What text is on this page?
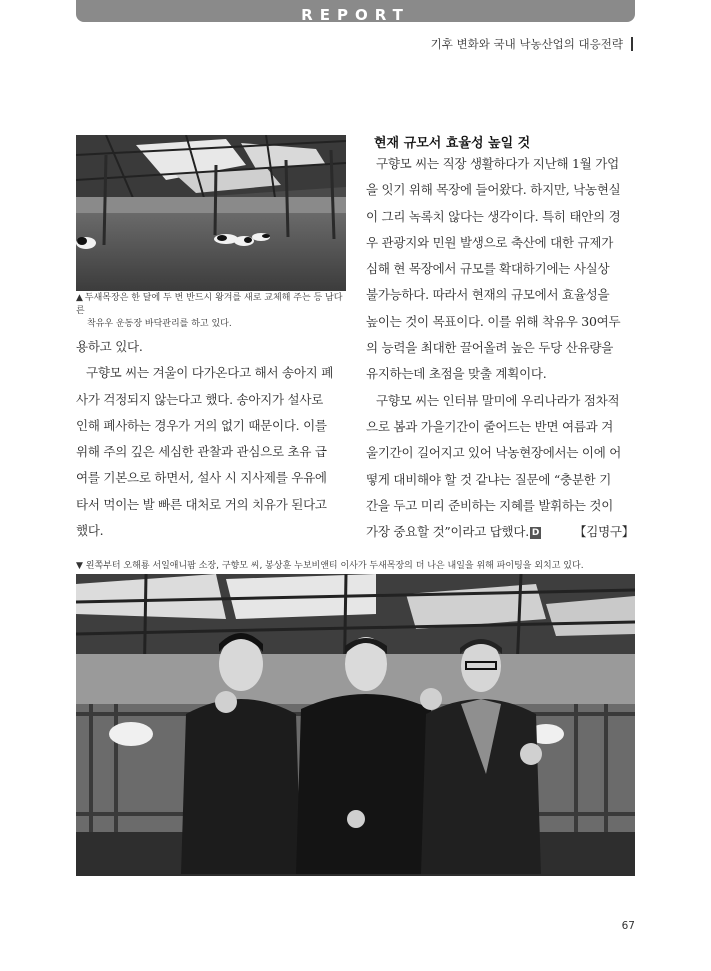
REPORT
기후 변화와 국내 낙농산업의 대응전략
▲ 두새목장은 한 달에 두 번 반드시 왕겨를 새로 교체해 주는 등 남다른
착유우 운동장 바닥관리를 하고 있다.
용하고 있다.
구향모 씨는 겨울이 다가온다고 해서 송아지 폐
사가 걱정되지 않는다고 했다. 송아지가 설사로
인해 폐사하는 경우가 거의 없기 때문이다. 이를
위해 주의 깊은 세심한 관찰과 관심으로 초유 급
여를 기본으로 하면서, 설사 시 지사제를 우유에
타서 먹이는 발 빠른 대처로 거의 치유가 된다고
했다.
현재 규모서 효율성 높일 것
구향모 씨는 직장 생활하다가 지난해 1월 가업
을 잇기 위해 목장에 들어왔다. 하지만, 낙농현실
이 그리 녹록치 않다는 생각이다. 특히 태안의 경
우 관광지와 민원 발생으로 축산에 대한 규제가
심해 현 목장에서 규모를 확대하기에는 사실상
불가능하다. 따라서 현재의 규모에서 효율성을
높이는 것이 목표이다. 이를 위해 착유우 30여두
의 능력을 최대한 끌어올려 높은 두당 산유량을
유지하는데 초점을 맞출 계획이다.
구향모 씨는 인터뷰 말미에 우리나라가 점차적
으로 봄과 가을기간이 줄어드는 반면 여름과 겨
울기간이 길어지고 있어 낙농현장에서는 이에 어
떻게 대비해야 할 것 같냐는 질문에 “충분한 기
간을 두고 미리 준비하는 지혜를 발휘하는 것이
가장 중요할 것”이라고 답했다. D	【김명구】
▼ 왼쪽부터 오해룡 서일애니팜 소장, 구향모 씨, 봉상훈 누보비앤티 이사가 두새목장의 더 나은 내일을 위해 파이팅을 외치고 있다.
67
